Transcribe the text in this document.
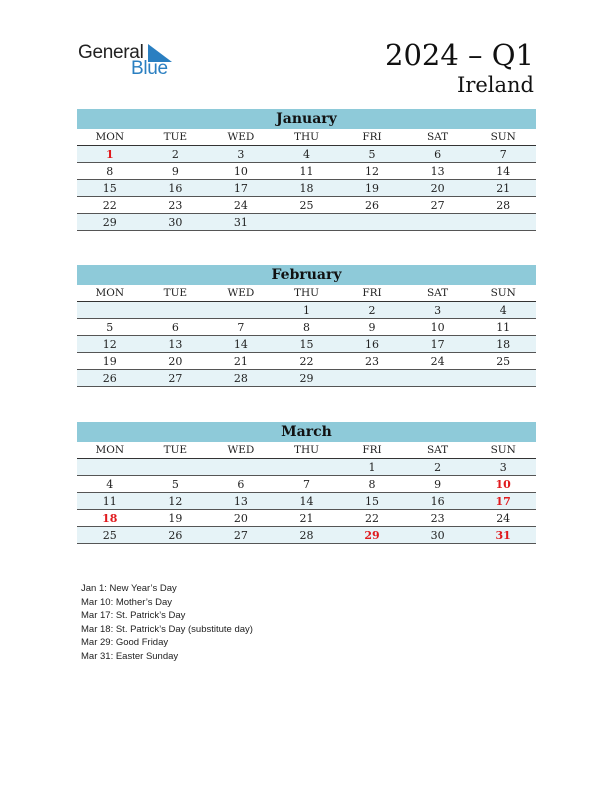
General
Blue	2024 – Q1
Ireland
January
MON	TUE	WED	THU	FRI	SAT	SUN
1	2	3	4	5	6	7
8	9	10	11	12	13	14
15	16	17	18	19	20	21
22	23	24	25	26	27	28
29	30	31				
February
MON	TUE	WED	THU	FRI	SAT	SUN
			1	2	3	4
5	6	7	8	9	10	11
12	13	14	15	16	17	18
19	20	21	22	23	24	25
26	27	28	29			
March
MON	TUE	WED	THU	FRI	SAT	SUN
				1	2	3
4	5	6	7	8	9	10
11	12	13	14	15	16	17
18	19	20	21	22	23	24
25	26	27	28	29	30	31
Jan 1: New Year’s Day
Mar 10: Mother’s Day
Mar 17: St. Patrick’s Day
Mar 18: St. Patrick’s Day (substitute day)
Mar 29: Good Friday
Mar 31: Easter Sunday
